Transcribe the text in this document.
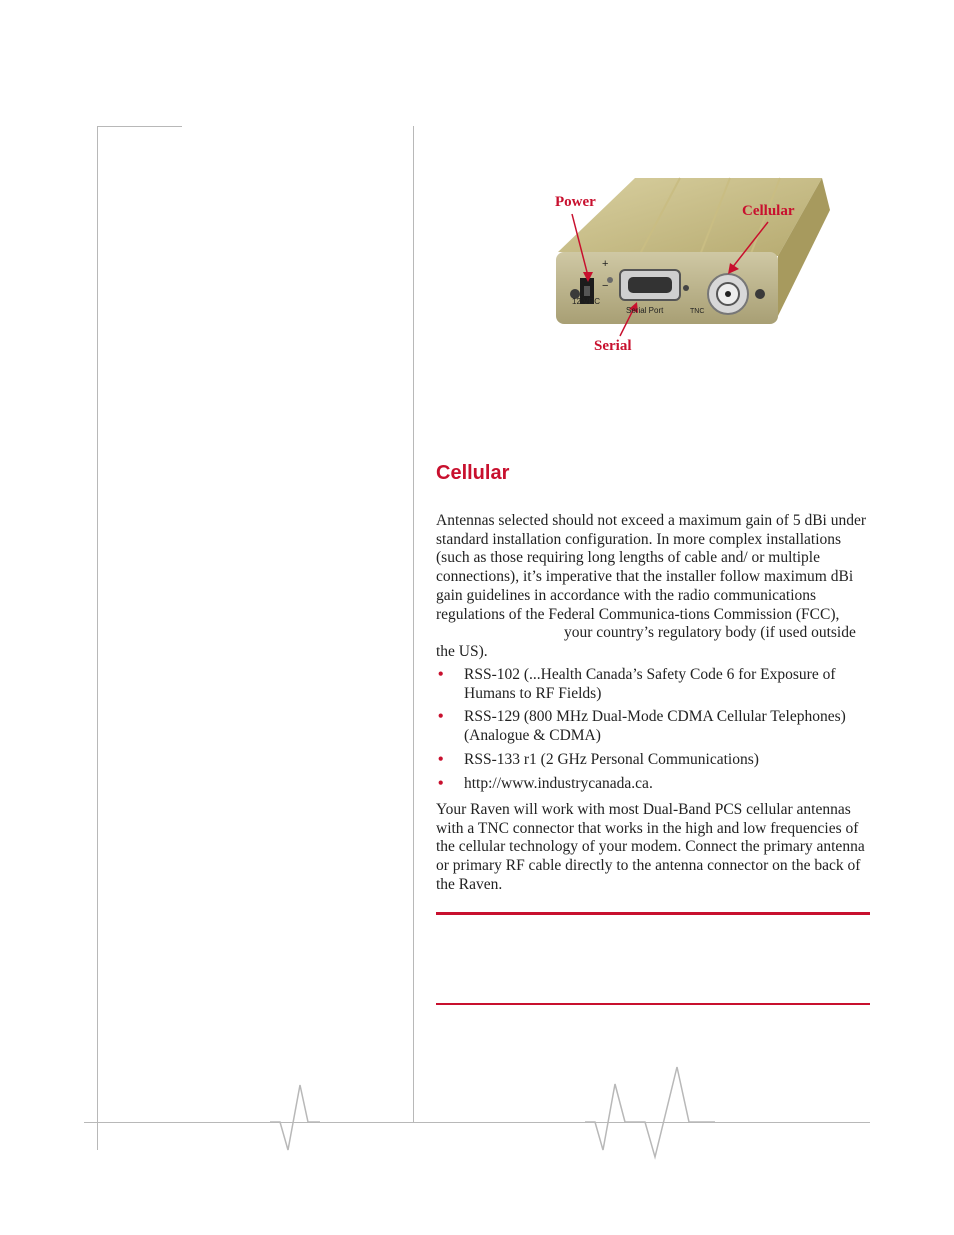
+
−
12 VDC
Serial Port	TNC
Power
Cellular
Serial
Cellular

Antennas selected should not exceed a maximum gain of 5 dBi under standard installation configuration. In more complex installations (such as those requiring long lengths of cable and/ or multiple connections), it’s imperative that the installer follow maximum dBi gain guidelines in accordance with the radio communications regulations of the Federal Communica-tions Commission (FCC),your country’s regulatory body (if used outside the US).

• RSS-102 (...Health Canada’s Safety Code 6 for Exposure of Humans to RF Fields)
• RSS-129 (800 MHz Dual-Mode CDMA Cellular Telephones) (Analogue & CDMA)
• RSS-133 r1 (2 GHz Personal Communications)
• http://www.industrycanada.ca.

Your Raven will work with most Dual-Band PCS cellular antennas with a TNC connector that works in the high and low frequencies of the cellular technology of your modem. Connect the primary antenna or primary RF cable directly to the antenna connector on the back of the Raven.
